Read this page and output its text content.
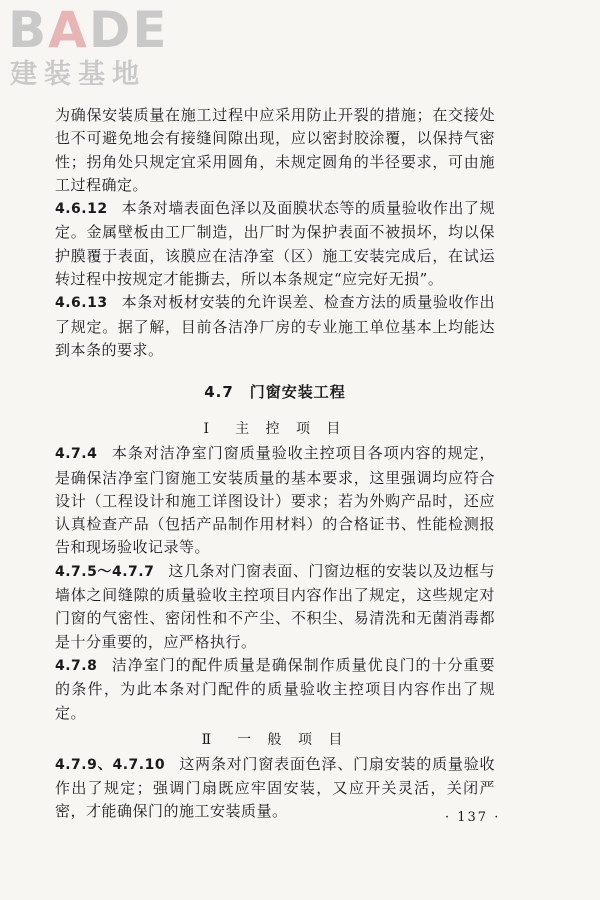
BADE
建装基地

为确保安装质量在施工过程中应采用防止开裂的措施；在交接处也不可避免地会有接缝间隙出现，应以密封胶涂覆，以保持气密性；拐角处只规定宜采用圆角，未规定圆角的半径要求，可由施工过程确定。

4.6.12 本条对墙表面色泽以及面膜状态等的质量验收作出了规定。金属壁板由工厂制造，出厂时为保护表面不被损坏，均以保护膜覆于表面，该膜应在洁净室（区）施工安装完成后，在试运转过程中按规定才能撕去，所以本条规定“应完好无损”。

4.6.13 本条对板材安装的允许误差、检查方法的质量验收作出了规定。据了解，目前各洁净厂房的专业施工单位基本上均能达到本条的要求。

4.7　门窗安装工程
Ⅰ　主 控 项 目

4.7.4 本条对洁净室门窗质量验收主控项目各项内容的规定，是确保洁净室门窗施工安装质量的基本要求，这里强调均应符合设计（工程设计和施工详图设计）要求；若为外购产品时，还应认真检查产品（包括产品制作用材料）的合格证书、性能检测报告和现场验收记录等。

4.7.5～4.7.7 这几条对门窗表面、门窗边框的安装以及边框与墙体之间缝隙的质量验收主控项目内容作出了规定，这些规定对门窗的气密性、密闭性和不产尘、不积尘、易清洗和无菌消毒都是十分重要的，应严格执行。

4.7.8 洁净室门的配件质量是确保制作质量优良门的十分重要的条件，为此本条对门配件的质量验收主控项目内容作出了规定。

Ⅱ　一 般 项 目

4.7.9、4.7.10 这两条对门窗表面色泽、门扇安装的质量验收作出了规定；强调门扇既应牢固安装，又应开关灵活，关闭严密，才能确保门的施工安装质量。	· 137 ·
